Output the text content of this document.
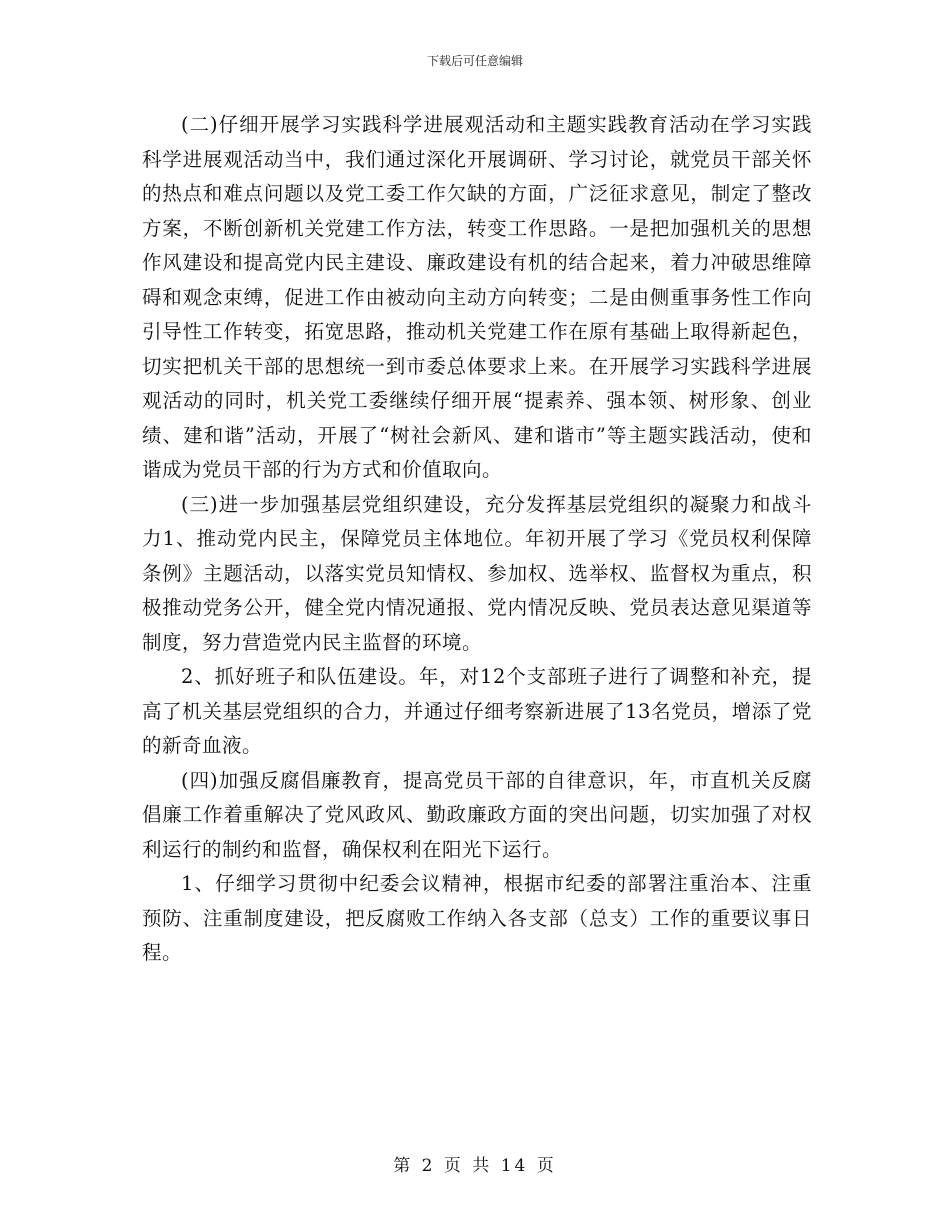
下载后可任意编辑

(二)仔细开展学习实践科学进展观活动和主题实践教育活动在学习实践科学进展观活动当中，我们通过深化开展调研、学习讨论，就党员干部关怀的热点和难点问题以及党工委工作欠缺的方面，广泛征求意见，制定了整改方案，不断创新机关党建工作方法，转变工作思路。一是把加强机关的思想作风建设和提高党内民主建设、廉政建设有机的结合起来，着力冲破思维障碍和观念束缚，促进工作由被动向主动方向转变；二是由侧重事务性工作向引导性工作转变，拓宽思路，推动机关党建工作在原有基础上取得新起色，切实把机关干部的思想统一到市委总体要求上来。在开展学习实践科学进展观活动的同时，机关党工委继续仔细开展“提素养、强本领、树形象、创业绩、建和谐”活动，开展了“树社会新风、建和谐市”等主题实践活动，使和谐成为党员干部的行为方式和价值取向。

(三)进一步加强基层党组织建设，充分发挥基层党组织的凝聚力和战斗力1、推动党内民主，保障党员主体地位。年初开展了学习《党员权利保障条例》主题活动，以落实党员知情权、参加权、选举权、监督权为重点，积极推动党务公开，健全党内情况通报、党内情况反映、党员表达意见渠道等制度，努力营造党内民主监督的环境。

2、抓好班子和队伍建设。年，对12个支部班子进行了调整和补充，提高了机关基层党组织的合力，并通过仔细考察新进展了13名党员，增添了党的新奇血液。

(四)加强反腐倡廉教育，提高党员干部的自律意识，年，市直机关反腐倡廉工作着重解决了党风政风、勤政廉政方面的突出问题，切实加强了对权利运行的制约和监督，确保权利在阳光下运行。

1、仔细学习贯彻中纪委会议精神，根据市纪委的部署注重治本、注重预防、注重制度建设，把反腐败工作纳入各支部（总支）工作的重要议事日程。

第 2 页 共 14 页
